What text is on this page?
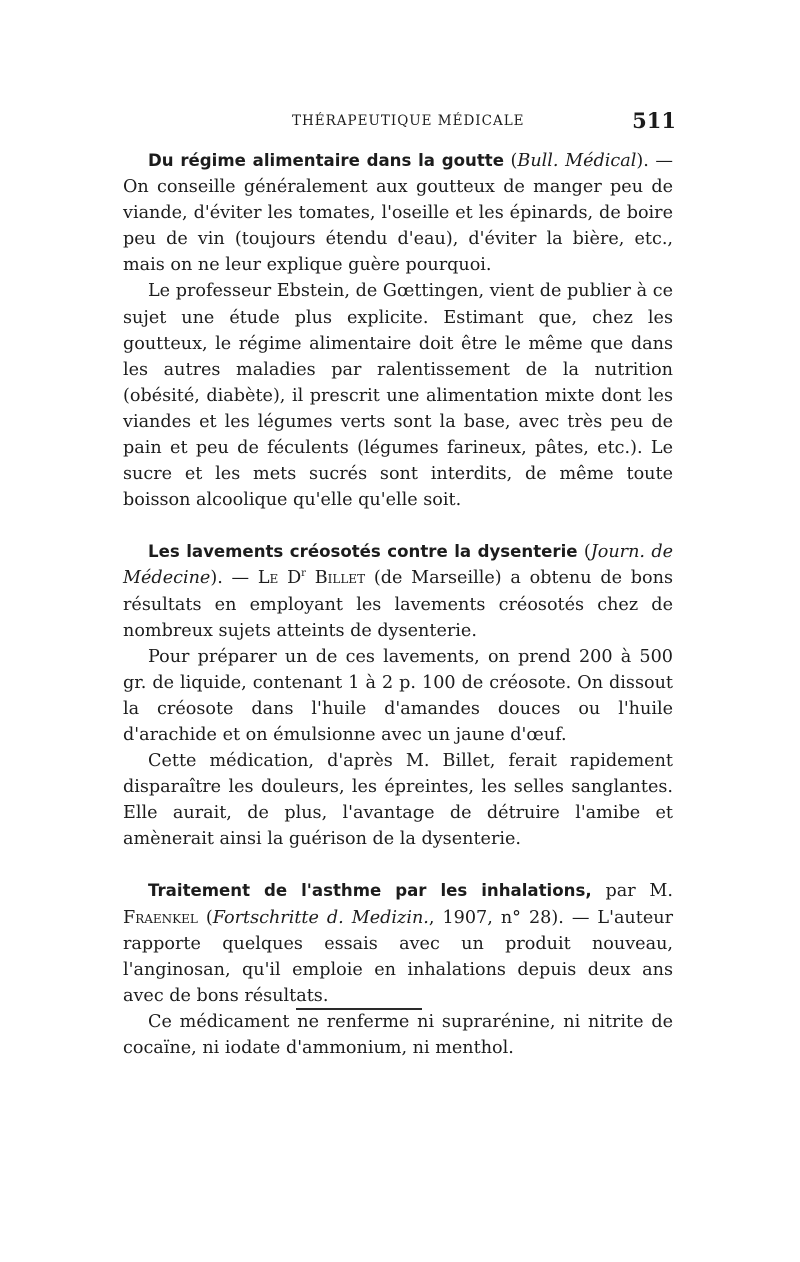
THÉRAPEUTIQUE MÉDICALE	511

Du régime alimentaire dans la goutte (Bull. Médical). — On conseille généralement aux goutteux de manger peu de viande, d'éviter les tomates, l'oseille et les épinards, de boire peu de vin (toujours étendu d'eau), d'éviter la bière, etc., mais on ne leur explique guère pourquoi.

Le professeur Ebstein, de Gœttingen, vient de publier à ce sujet une étude plus explicite. Estimant que, chez les goutteux, le régime alimentaire doit être le même que dans les autres maladies par ralentissement de la nutrition (obésité, diabète), il prescrit une alimentation mixte dont les viandes et les légumes verts sont la base, avec très peu de pain et peu de féculents (légumes farineux, pâtes, etc.). Le sucre et les mets sucrés sont interdits, de même toute boisson alcoolique qu'elle qu'elle soit.

Les lavements créosotés contre la dysenterie (Journ. de Médecine). — Le $D^r$ Billet (de Marseille) a obtenu de bons résultats en employant les lavements créosotés chez de nombreux sujets atteints de dysenterie.

Pour préparer un de ces lavements, on prend 200 à 500 gr. de liquide, contenant 1 à 2 p. 100 de créosote. On dissout la créosote dans l'huile d'amandes douces ou l'huile d'arachide et on émulsionne avec un jaune d'œuf.

Cette médication, d'après M. Billet, ferait rapidement disparaître les douleurs, les épreintes, les selles sanglantes. Elle aurait, de plus, l'avantage de détruire l'amibe et amènerait ainsi la guérison de la dysenterie.

Traitement de l'asthme par les inhalations, par M. Fraenkel (Fortschritte d. Medizin., 1907, n° 28). — L'auteur rapporte quelques essais avec un produit nouveau, l'anginosan, qu'il emploie en inhalations depuis deux ans avec de bons résultats.

Ce médicament ne renferme ni suprarénine, ni nitrite de cocaïne, ni iodate d'ammonium, ni menthol.
